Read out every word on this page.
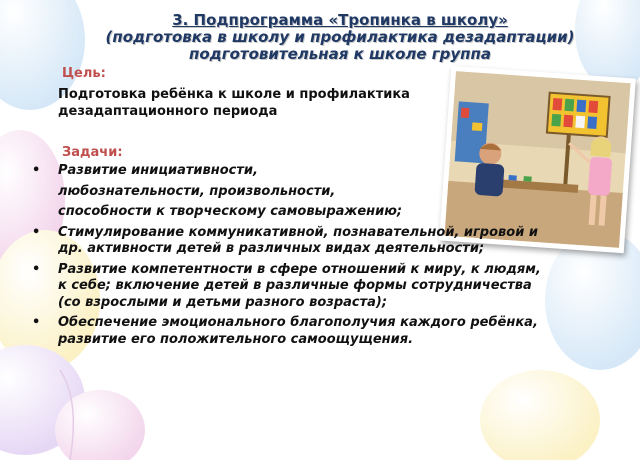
3. Подпрограмма «Тропинка в школу»
(подготовка в школу и профилактика дезадаптации)
подготовительная к школе группа
Цель:
Подготовка ребёнка к школе и профилактика
дезадаптационного периода
Задачи:
• Развитие инициативности,
любознательности, произвольности,
способности к творческому самовыражению;
• Стимулирование коммуникативной, познавательной, игровой и
др. активности детей в различных видах деятельности;
• Развитие компетентности в сфере отношений к миру, к людям,
к себе; включение детей в различные формы сотрудничества
(со взрослыми и детьми разного возраста);
• Обеспечение эмоционального благополучия каждого ребёнка,
развитие его положительного самоощущения.
